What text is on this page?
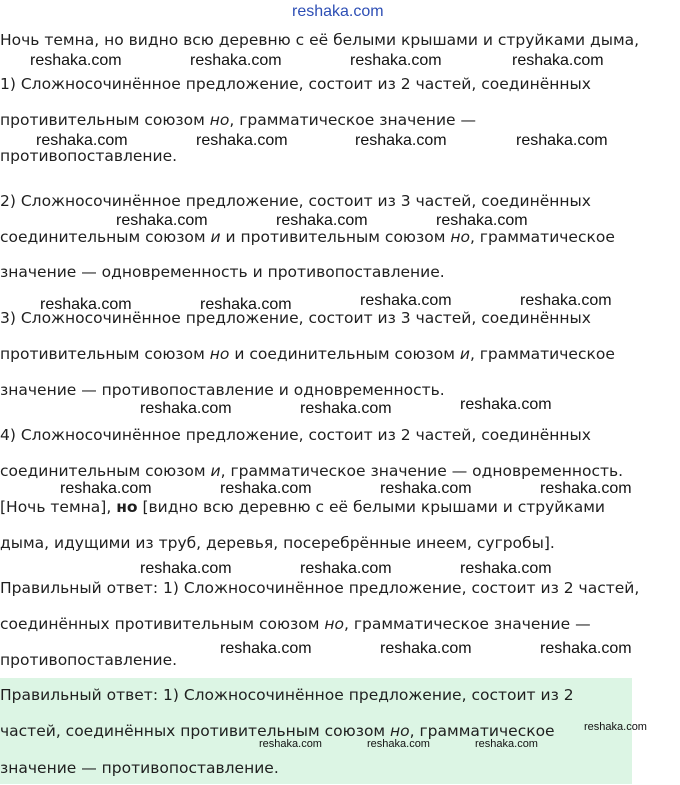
reshaka.com

Ночь темна, но видно всю деревню с её белыми крышами и струйками дыма,

1) Сложносочинённое предложение, состоит из 2 частей, соединённых

противительным союзом но, грамматическое значение —

противопоставление.

2) Сложносочинённое предложение, состоит из 3 частей, соединённых

соединительным союзом и и противительным союзом но, грамматическое

значение — одновременность и противопоставление.

3) Сложносочинённое предложение, состоит из 3 частей, соединённых

противительным союзом но и соединительным союзом и, грамматическое

значение — противопоставление и одновременность.

4) Сложносочинённое предложение, состоит из 2 частей, соединённых

соединительным союзом и, грамматическое значение — одновременность.

[Ночь темна], но [видно всю деревню с её белыми крышами и струйками

дыма, идущими из труб, деревья, посеребрённые инеем, сугробы].

Правильный ответ: 1) Сложносочинённое предложение, состоит из 2 частей,

соединённых противительным союзом но, грамматическое значение —

противопоставление.

Правильный ответ: 1) Сложносочинённое предложение, состоит из 2

частей, соединённых противительным союзом но, грамматическое

значение — противопоставление.

reshaka.com	reshaka.com	reshaka.com	reshaka.com
reshaka.com	reshaka.com	reshaka.com	reshaka.com
reshaka.com	reshaka.com	reshaka.com
reshaka.com	reshaka.com	reshaka.com	reshaka.com
reshaka.com	reshaka.com	reshaka.com
reshaka.com	reshaka.com	reshaka.com	reshaka.com
reshaka.com	reshaka.com	reshaka.com
reshaka.com	reshaka.com	reshaka.com
reshaka.com
reshaka.com	reshaka.com	reshaka.com
